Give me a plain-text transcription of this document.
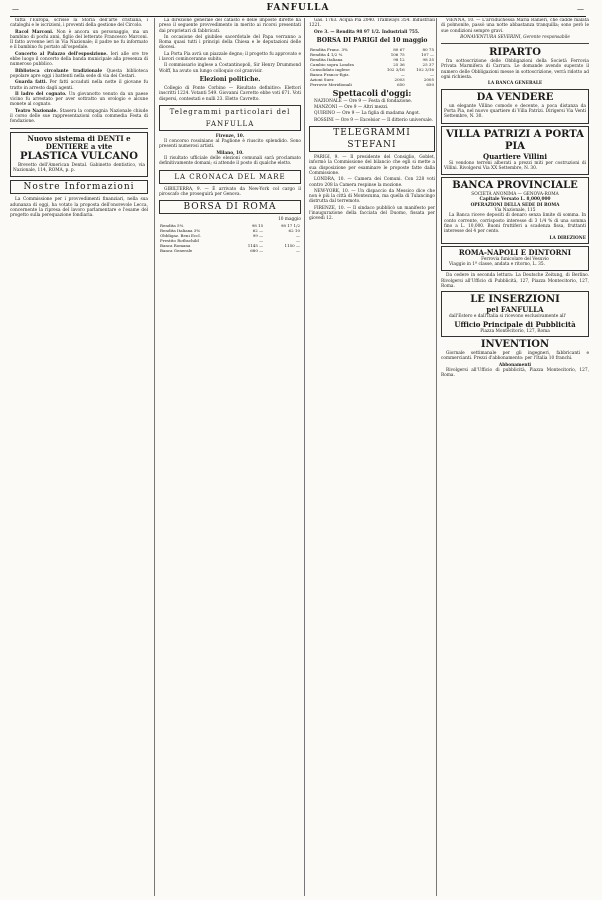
—	FANFULLA	—

tutta l'Europa, scrisse la Storia dell'arte cristiana, i cataloghi e le iscrizioni, i proventi della gestione del Circolo.

Racol Marconi. Non è ancora un personaggio, ma un bambino di pochi anni, figlio del letterato Francesco Marconi. Il fatto avvenne ieri in Via Nazionale; il padre ne fu informato e il bambino fu portato all'ospedale.

Concerto al Palazzo dell'esposizione. Ieri alle ore tre ebbe luogo il concerto della banda municipale alla presenza di numeroso pubblico.

Biblioteca circolante tradizionale Questa biblioteca popolare apre oggi i battenti nella sede di via dei Cestari.

Guarda fatti. Per fatti accaduti nella notte il giovane fu tratto in arresto dagli agenti.

Il ladro del cognato. Un giovanotto venuto da un paese vicino fu arrestato per aver sottratto un orologio e alcune monete al cognato.

Teatro Nazionale. Stasera la compagnia Nazionale chiude il corso delle sue rappresentazioni colla commedia Festa di fondazione.

Nuovo sistema di DENTI e DENTIERE a vite
PLASTICA VULCANO

Brevetto dell'American Dental. Gabinetto dentistico, via Nazionale, 114, ROMA, p. p.

Nostre Informazioni

La Commissione per i provvedimenti finanziari, nella sua adunanza di oggi, ha votato la proposta dell'onorevole Lecca, concernente la ripresa del lavoro parlamentare e l'esame del progetto sulla perequazione fondiaria.

La direzione generale del catasto e delle imposte dirette ha preso il seguente provvedimento in merito ai ricorsi presentati dai proprietari di fabbricati.

In occasione del giubileo sacerdotale del Papa verranno a Roma quasi tutti i principi della Chiesa e le deputazioni delle diocesi.

La Porta Pia avrà un piazzale degno; il progetto fu approvato e i lavori cominceranno subito.

Il commissario inglese a Costantinopoli, Sir Henry Drummond Wolff, ha avuto un lungo colloquio col granvisir.

Elezioni politiche.

Collegio di Ponte Corbino — Risultato definitivo: Elettori inscritti 1224. Votanti 549. Giovanni Cavretto ebbe voti 671. Voti dispersi, contestati e nulli 23. Eletto Cavretto.

Telegrammi particolari del FANFULLA
Firenze, 10.

Il concorso rossiniano al Paglione è riuscito splendido. Sono presenti numerosi artisti.

Milano, 10.

Il risultato ufficiale delle elezioni comunali sarà proclamato definitivamente domani; si attende il posto di qualche eletto.

LA CRONACA DEL MARE

GIBILTERRA, 9. — È arrivato da New-York col cargo il piroscafo che proseguirà per Genova.

BORSA DI ROMA
10 maggio
Rendita 5%	98 15	98 17 1/2
Rendita Italiana 3%	62 —	62 10
Obbligaz. Beni Eccl.	99 —	—
Prestito Rothschild	—	—
Banca Romana	1145 —	1150 —
Banca Generale	680 —	—

Gas. 1763. Acqua Pia 2040. Tramways 354. Industriali 1221.

Ore 3. — Rendita 98 97 1/2. Industriali 755.

BORSA DI PARIGI del 10 maggio
Rendita Franc. 3%	80 67	80 75
Rendita 4 1/2 %	106 75	107 —
Rendita Italiana	98 12	98 35
Cambio sopra Londra	25 36	25 37
Consolidato inglese	102 3/16	102 3/16
Banca Franco-Egiz.	—	—
Azioni Suez	2003	2005
Ferrovie Meridionali	650	650
Spettacoli d'oggi:

NAZIONALE — Ore 9 — Festa di fondazione.

MANZONI — Ore 9 — Altri mezzi.

QUIRINO — Ore 9 — La figlia di madama Angot.

ROSSINI — Ore 9 — Excelsior — Il ditterio universale.

TELEGRAMMI STEFANI

PARIGI, 9. — Il presidente del Consiglio, Goblet, informò la Commissione del bilancio che egli si mette a sua disposizione per esaminare le proposte fatte dalla Commissione.

LONDRA, 10. — Camera dei Comuni. Con 228 voti contro 208 la Camera respinse la mozione.

NEW-YORK, 10. — Un dispaccio da Messico dice che non è più la città di Montezuma, ma quella di Tulancingo distrutta dal terremoto.

FIRENZE, 10. — Il sindaco pubblicò un manifesto per l'inaugurazione della facciata del Duomo, fissata per giovedì 12.

VIENNA, 10. — L'arciduchessa Maria Ranieri, che cadde malata di polmonite, passò una notte abbastanza tranquilla; sono però le sue condizioni sempre gravi.

BONAVENTURA SEVERINI, Gerente responsabile
RIPARTO

fra sottoscrizione delle Obbligazioni della Società Ferrovia Privata Marmifera di Carrara. Le domande avendo superato il numero delle Obbligazioni messe in sottoscrizione, verrà ridotto ad ogni richiesta.

LA BANCA GENERALE
DA VENDERE

un elegante Villino comodo e decente, a poca distanza da Porta Pia, nel nuovo quartiere di Villa Patrizi. Dirigersi Via Venti Settembre, N. 30.

VILLA PATRIZI A PORTA PIA
Quartiere Villini

Si vendono terreni alberati a prezzi miti per costruzioni di Villini. Rivolgersi Via XX Settembre, N. 30.

BANCA PROVINCIALE
SOCIETÀ ANONIMA — GENOVA-ROMA
Capitale Versato L. 8,000,000
OPERAZIONI DELLA SEDE DI ROMA
Via Nazionale, 115

La Banca riceve depositi di denaro senza limite di somma. In conto corrente, corrisposto interesse di 3 1/4 % di una somma fino a L. 10,000. Buoni fruttiferi a scadenza fissa, fruttanti interesse del 4 per cento.

LA DIREZIONE
ROMA-NAPOLI E DINTORNI
Ferrovia funicolare del Vesuvio

Viaggio in 1ª classe, andata e ritorno, L. 35.

Da cedere in seconda lettura: La Deutsche Zeitung, di Berlino. Rivolgersi all'Ufficio di Pubblicità, 127, Piazza Montecitorio, 127, Roma.

LE INSERZIONI
pel FANFULLA

dall'Estero e dall'Italia si ricevono esclusivamente all'

Ufficio Principale di Pubblicità
Piazza Montecitorio, 127, Roma
INVENTION

Giornale settimanale per gli ingegneri, fabbricanti e commercianti. Prezzi d'abbonamento: per l'Italia 10 franchi.

Abbonamenti

Rivolgersi all'Ufficio di pubblicità, Piazza Montecitorio, 127, Roma.
